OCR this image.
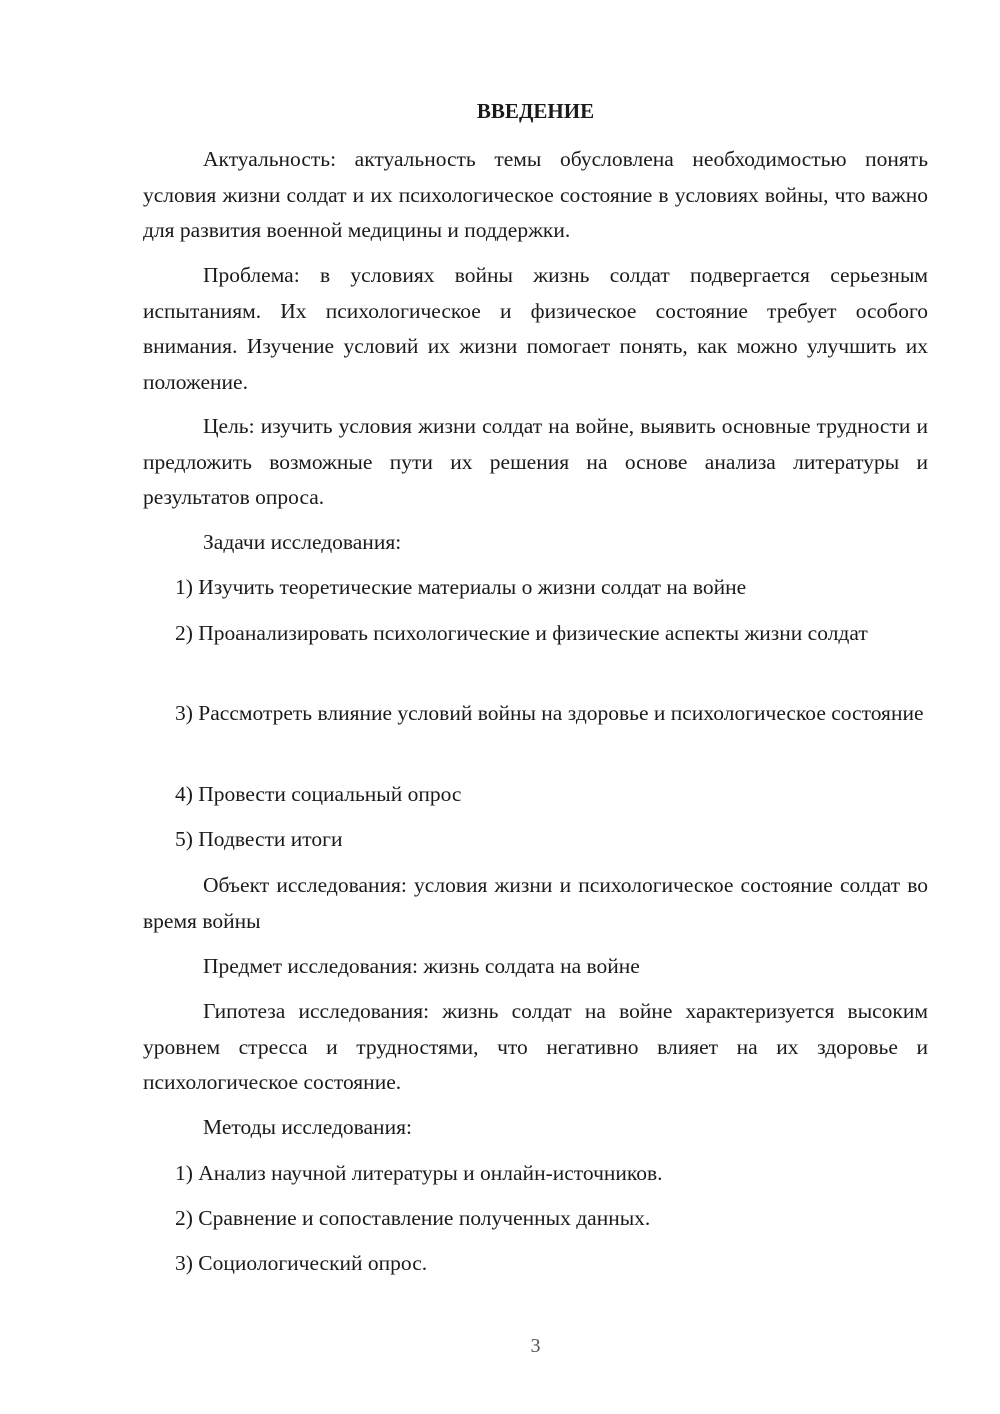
ВВЕДЕНИЕ

Актуальность: актуальность темы обусловлена необходимостью понять условия жизни солдат и их психологическое состояние в условиях войны, что важно для развития военной медицины и поддержки.

Проблема: в условиях войны жизнь солдат подвергается серьезным испытаниям. Их психологическое и физическое состояние требует особого внимания. Изучение условий их жизни помогает понять, как можно улучшить их положение.

Цель: изучить условия жизни солдат на войне, выявить основные трудности и предложить возможные пути их решения на основе анализа литературы и результатов опроса.

Задачи исследования:

1) Изучить теоретические материалы о жизни солдат на войне

2) Проанализировать психологические и физические аспекты жизни солдат

3) Рассмотреть влияние условий войны на здоровье и психологическое состояние

4) Провести социальный опрос

5) Подвести итоги

Объект исследования: условия жизни и психологическое состояние солдат во время войны

Предмет исследования: жизнь солдата на войне

Гипотеза исследования: жизнь солдат на войне характеризуется высоким уровнем стресса и трудностями, что негативно влияет на их здоровье и психологическое состояние.

Методы исследования:

1) Анализ научной литературы и онлайн-источников.

2) Сравнение и сопоставление полученных данных.

3) Социологический опрос.

3
